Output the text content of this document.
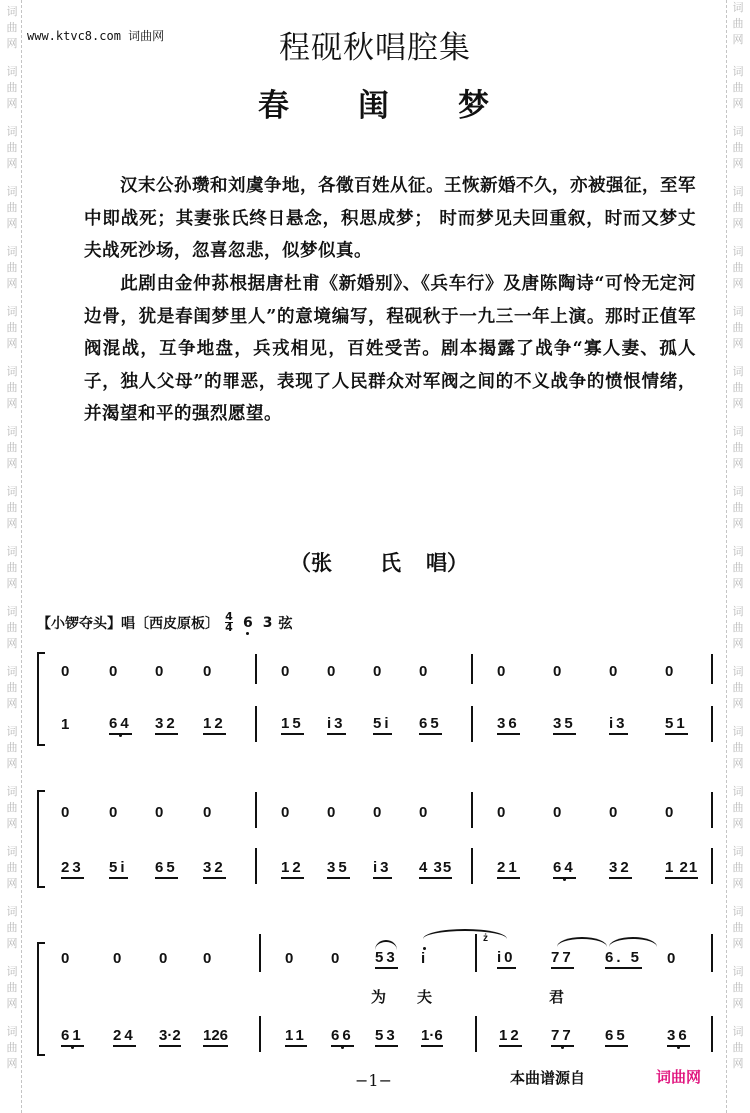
词
曲
网
词
曲
网
词
曲
网
词
曲
网
词
曲
网
词
曲
网
词
曲
网
词
曲
网
词
曲
网
词
曲
网
词
曲
网
词
曲
网
词
曲
网
词
曲
网
词
曲
网
词
曲
网
词
曲
网
词
曲
网
词
曲
网
词
曲
网
词
曲
网
词
曲
网
词
曲
网
词
曲
网
词
曲
网
词
曲
网
词
曲
网
词
曲
网
词
曲
网
词
曲
网
词
曲
网
词
曲
网
词
曲
网
词
曲
网
词
曲
网
词
曲
网
www.ktvc8.com 词曲网	程砚秋唱腔集
春 闺 梦
汉末公孙瓒和刘虞争地，各徵百姓从征。王恢新婚不久，亦被强征，至军中即战死；其妻张氏终日悬念，积思成梦； 时而梦见夫回重叙，时而又梦丈夫战死沙场，忽喜忽悲，似梦似真。
此剧由金仲荪根据唐杜甫《新婚别》、《兵车行》及唐陈陶诗“可怜无定河边骨，犹是春闺梦里人”的意境编写，程砚秋于一九三一年上演。那时正值军阀混战，互争地盘，兵戎相见，百姓受苦。剧本揭露了战争“寡人妻、孤人子，独人父母”的罪恶，表现了人民群众对军阀之间的不义战争的愤恨情绪，并渴望和平的强烈愿望。
（张 氏 唱）
【小锣夺头】唱〔西皮原板〕 $\frac{4}{4} 6$ 3 弦
0 0 0 0	0 0 0 0	0	0	0	0
1 64 32 12	15 i3 5i 65	36 35 i3 51
0 0 0 0	0 0 0 0	0	0	0	0
23 5i 65 32	12 35 i3 4 35	21 64 32 1 21
0	0 0 0	0 0 53 i
ż
i0 77 6. 5 0
为 夫	君
61 24 3·2 126	11 66 53 1·6	12 77 65	36
−1−	本曲谱源自	词曲网
